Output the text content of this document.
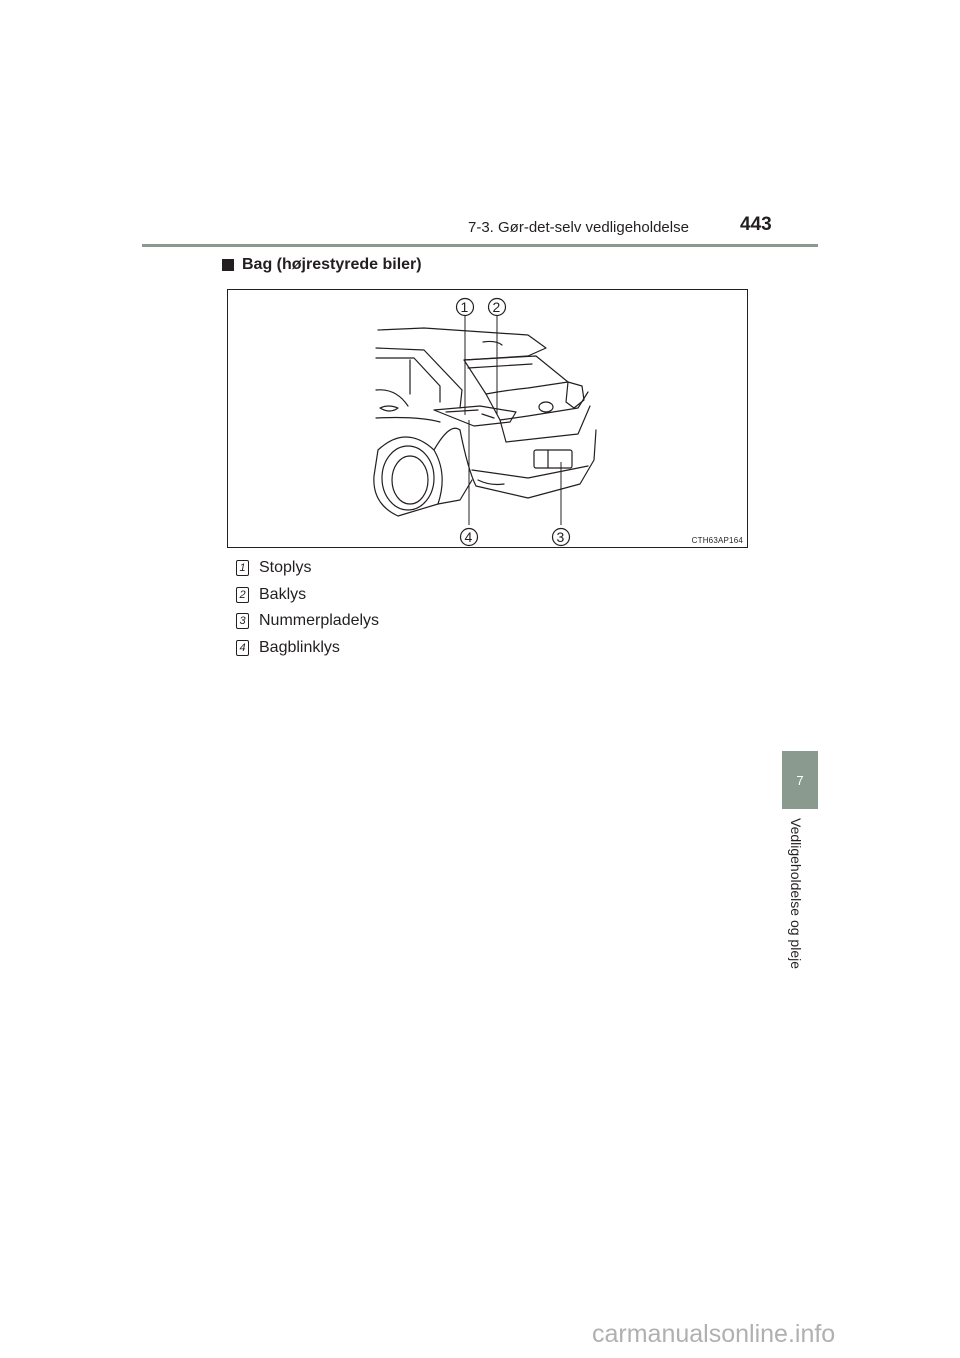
7-3. Gør-det-selv vedligeholdelse	443
Bag (højrestyrede biler)
1 2
3
4	CTH63AP164
1 Stoplys
2 Baklys
3 Nummerpladelys
4 Bagblinklys
7
Vedligeholdelse og pleje
carmanualsonline.info
